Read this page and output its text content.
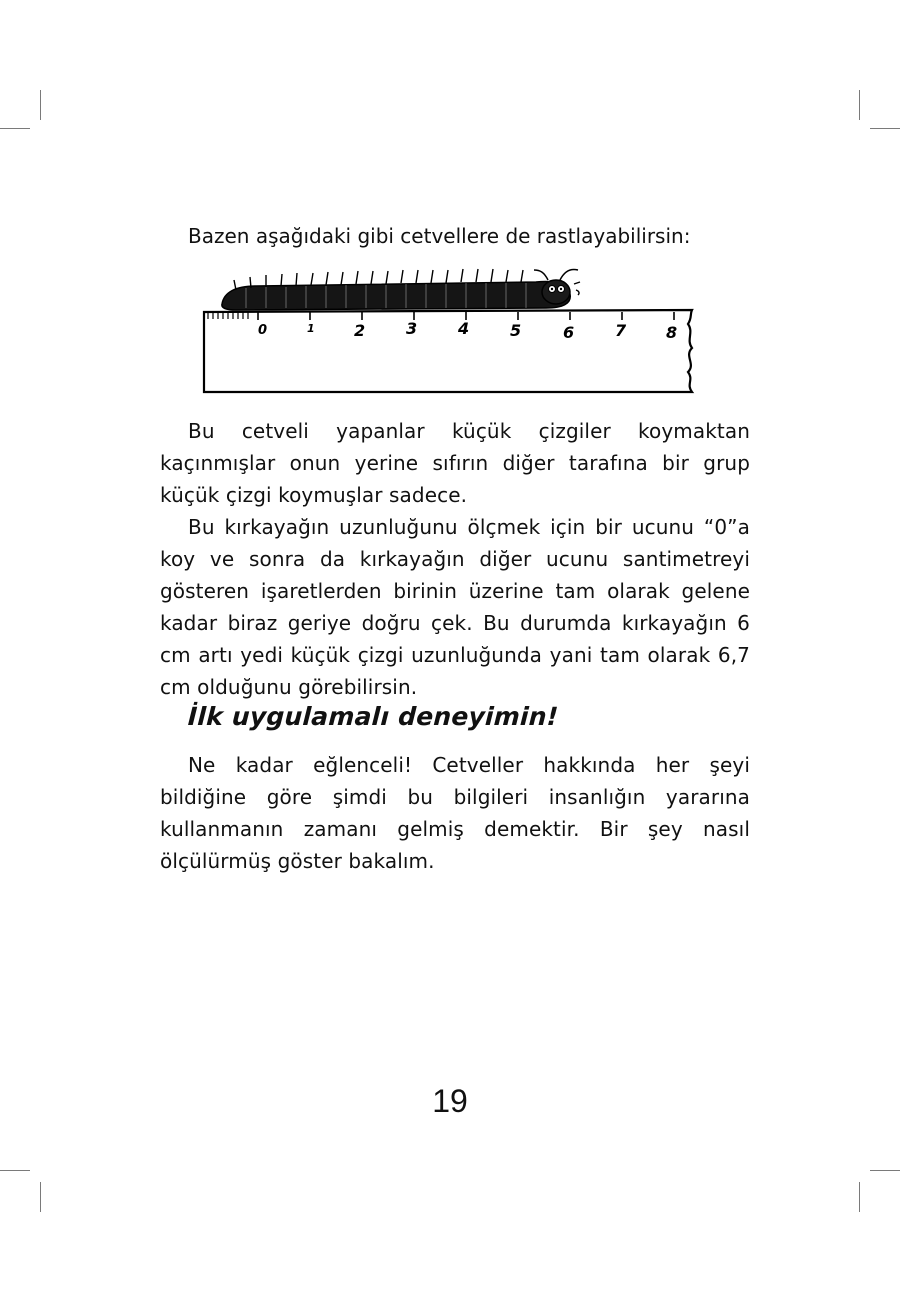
Bazen aşağıdaki gibi cetvellere de rastlayabilirsin:
0	1 2	3	4	5	6	7 8

Bu cetveli yapanlar küçük çizgiler koymaktan kaçınmışlar onun yerine sıfırın diğer tarafına bir grup küçük çizgi koymuşlar sadece.

Bu kırkayağın uzunluğunu ölçmek için bir ucunu “0”a koy ve sonra da kırkayağın diğer ucunu santimetreyi gösteren işaretlerden birinin üzerine tam olarak gelene kadar biraz geriye doğru çek. Bu durumda kırkayağın 6 cm artı yedi küçük çizgi uzunluğunda yani tam olarak 6,7 cm olduğunu görebilirsin.

İlk uygulamalı deneyimin!

Ne kadar eğlenceli! Cetveller hakkında her şeyi bildiğine göre şimdi bu bilgileri insanlığın yararına kullanmanın zamanı gelmiş demektir. Bir şey nasıl ölçülürmüş göster bakalım.

19
